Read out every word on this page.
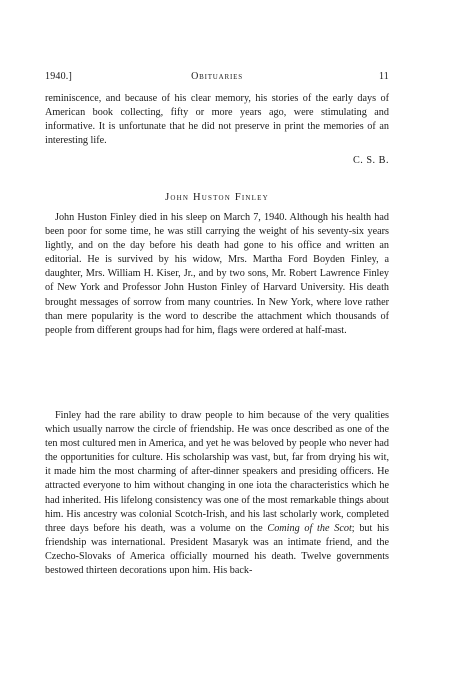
1940.]	Obituaries	11

reminiscence, and because of his clear memory, his stories of the early days of American book collecting, fifty or more years ago, were stimulating and informative. It is unfortunate that he did not preserve in print the memories of an interesting life.

C. S. B.
John Huston Finley

John Huston Finley died in his sleep on March 7, 1940. Although his health had been poor for some time, he was still carrying the weight of his seventy-six years lightly, and on the day before his death had gone to his office and written an editorial. He is survived by his widow, Mrs. Martha Ford Boyden Finley, a daughter, Mrs. William H. Kiser, Jr., and by two sons, Mr. Robert Lawrence Finley of New York and Professor John Huston Finley of Harvard University. His death brought messages of sorrow from many countries. In New York, where love rather than mere popularity is the word to describe the attachment which thousands of people from different groups had for him, flags were ordered at half-mast.

Finley had the rare ability to draw people to him because of the very qualities which usually narrow the circle of friendship. He was once described as one of the ten most cultured men in America, and yet he was beloved by people who never had the opportunities for culture. His scholarship was vast, but, far from drying his wit, it made him the most charming of after-dinner speakers and presiding officers. He attracted everyone to him without changing in one iota the characteristics which he had inherited. His lifelong consistency was one of the most remarkable things about him. His ancestry was colonial Scotch-Irish, and his last scholarly work, completed three days before his death, was a volume on the Coming of the Scot; but his friendship was international. President Masaryk was an intimate friend, and the Czecho-Slovaks of America officially mourned his death. Twelve governments bestowed thirteen decorations upon him. His back-
